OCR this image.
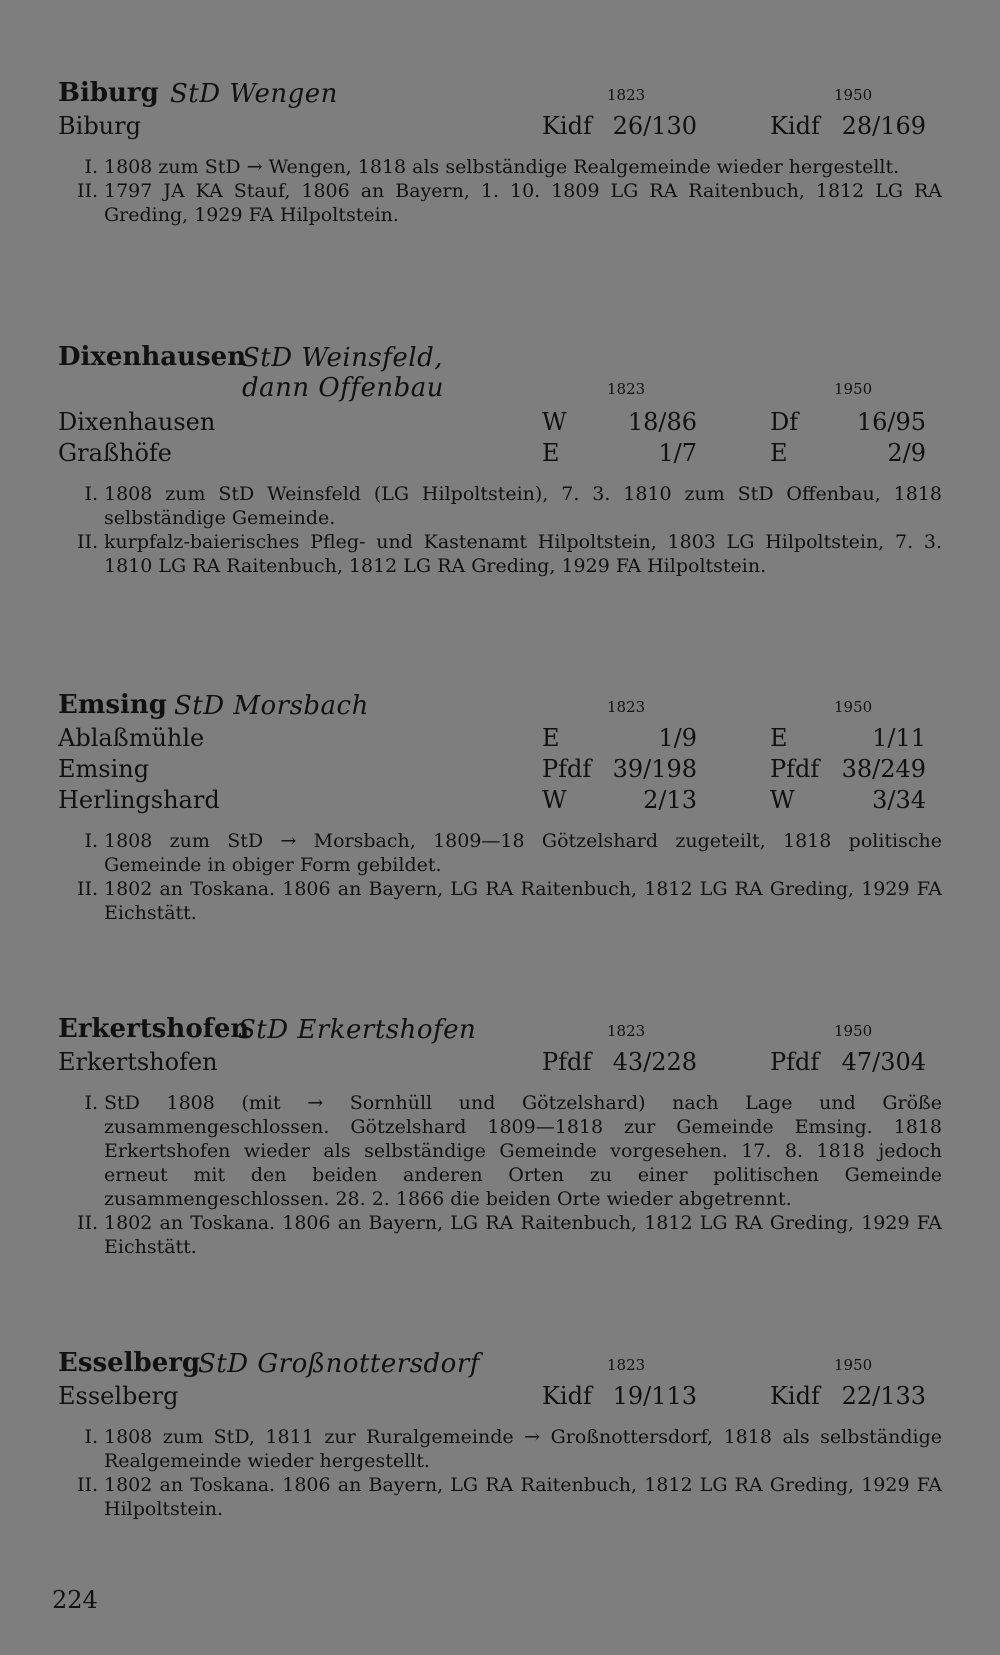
Biburg StD Wengen	1823	1950
Biburg	Kidf 26/130	Kidf 28/169
I. 1808 zum StD → Wengen, 1818 als selbständige Realgemeinde wieder hergestellt.
II. 1797 JA KA Stauf, 1806 an Bayern, 1. 10. 1809 LG RA Raitenbuch, 1812 LG RA Greding, 1929 FA Hilpoltstein.
Dixenhausen
StD Weinsfeld,
dann Offenbau	1823	1950
Dixenhausen	W	18/86	Df 16/95
Graßhöfe	E	1/7	E	2/9
I. 1808 zum StD Weinsfeld (LG Hilpoltstein), 7. 3. 1810 zum StD Offenbau, 1818 selbständige Gemeinde.
II. kurpfalz-baierisches Pfleg- und Kastenamt Hilpoltstein, 1803 LG Hilpoltstein, 7. 3. 1810 LG RA Raitenbuch, 1812 LG RA Greding, 1929 FA Hilpoltstein.
Emsing StD Morsbach	1823	1950
Ablaßmühle	E	1/9	E	1/11
Emsing	Pfdf 39/198	Pfdf 38/249
Herlingshard	W	2/13	W	3/34
I. 1808 zum StD → Morsbach, 1809—18 Götzelshard zugeteilt, 1818 politische Gemeinde in obiger Form gebildet.
II. 1802 an Toskana. 1806 an Bayern, LG RA Raitenbuch, 1812 LG RA Greding, 1929 FA Eichstätt.
Erkertshofen
StD Erkertshofen	1823	1950
Erkertshofen	Pfdf 43/228	Pfdf 47/304
I. StD 1808 (mit → Sornhüll und Götzelshard) nach Lage und Größe zusammengeschlossen. Götzelshard 1809—1818 zur Gemeinde Emsing. 1818 Erkertshofen wieder als selbständige Gemeinde vorgesehen. 17. 8. 1818 jedoch erneut mit den beiden anderen Orten zu einer politischen Gemeinde zusammengeschlossen. 28. 2. 1866 die beiden Orte wieder abgetrennt.
II. 1802 an Toskana. 1806 an Bayern, LG RA Raitenbuch, 1812 LG RA Greding, 1929 FA Eichstätt.
Esselberg
StD Großnottersdorf	1823	1950
Esselberg	Kidf 19/113	Kidf 22/133
I. 1808 zum StD, 1811 zur Ruralgemeinde → Großnottersdorf, 1818 als selbständige Realgemeinde wieder hergestellt.
II. 1802 an Toskana. 1806 an Bayern, LG RA Raitenbuch, 1812 LG RA Greding, 1929 FA Hilpoltstein.
224
